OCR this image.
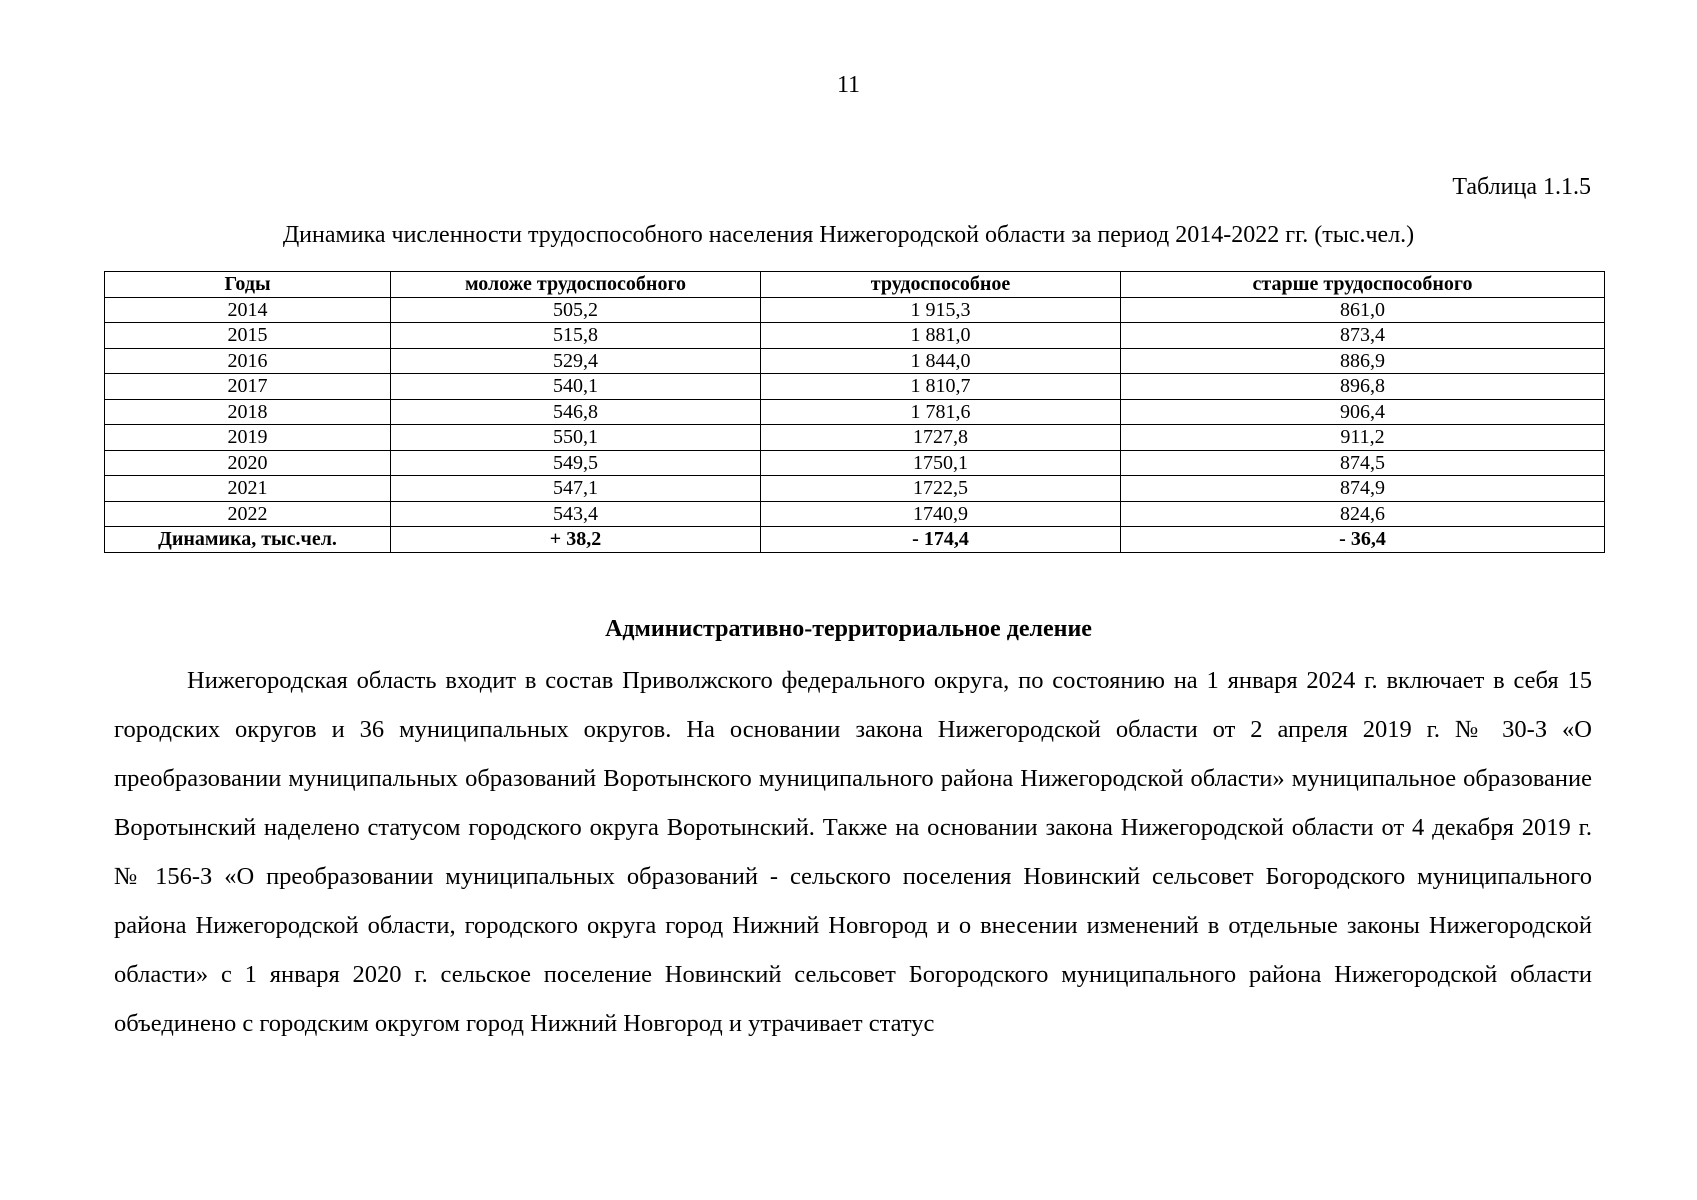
11
Таблица 1.1.5
Динамика численности трудоспособного населения Нижегородской области за период 2014-2022 гг. (тыс.чел.)
Годы	моложе трудоспособного	трудоспособное	старше трудоспособного
2014	505,2	1 915,3	861,0
2015	515,8	1 881,0	873,4
2016	529,4	1 844,0	886,9
2017	540,1	1 810,7	896,8
2018	546,8	1 781,6	906,4
2019	550,1	1727,8	911,2
2020	549,5	1750,1	874,5
2021	547,1	1722,5	874,9
2022	543,4	1740,9	824,6
Динамика, тыс.чел.	+ 38,2	- 174,4	- 36,4
Административно-территориальное деление

Нижегородская область входит в состав Приволжского федерального округа, по состоянию на 1 января 2024 г. включает в себя 15 городских округов и 36 муниципальных округов. На основании закона Нижегородской области от 2 апреля 2019 г. № 30-З «О преобразовании муниципальных образований Воротынского муниципального района Нижегородской области» муниципальное образование Воротынский наделено статусом городского округа Воротынский. Также на основании закона Нижегородской области от 4 декабря 2019 г. № 156-З «О преобразовании муниципальных образований - сельского поселения Новинский сельсовет Богородского муниципального района Нижегородской области, городского округа город Нижний Новгород и о внесении изменений в отдельные законы Нижегородской области» с 1 января 2020 г. сельское поселение Новинский сельсовет Богородского муниципального района Нижегородской области объединено с городским округом город Нижний Новгород и утрачивает статус
